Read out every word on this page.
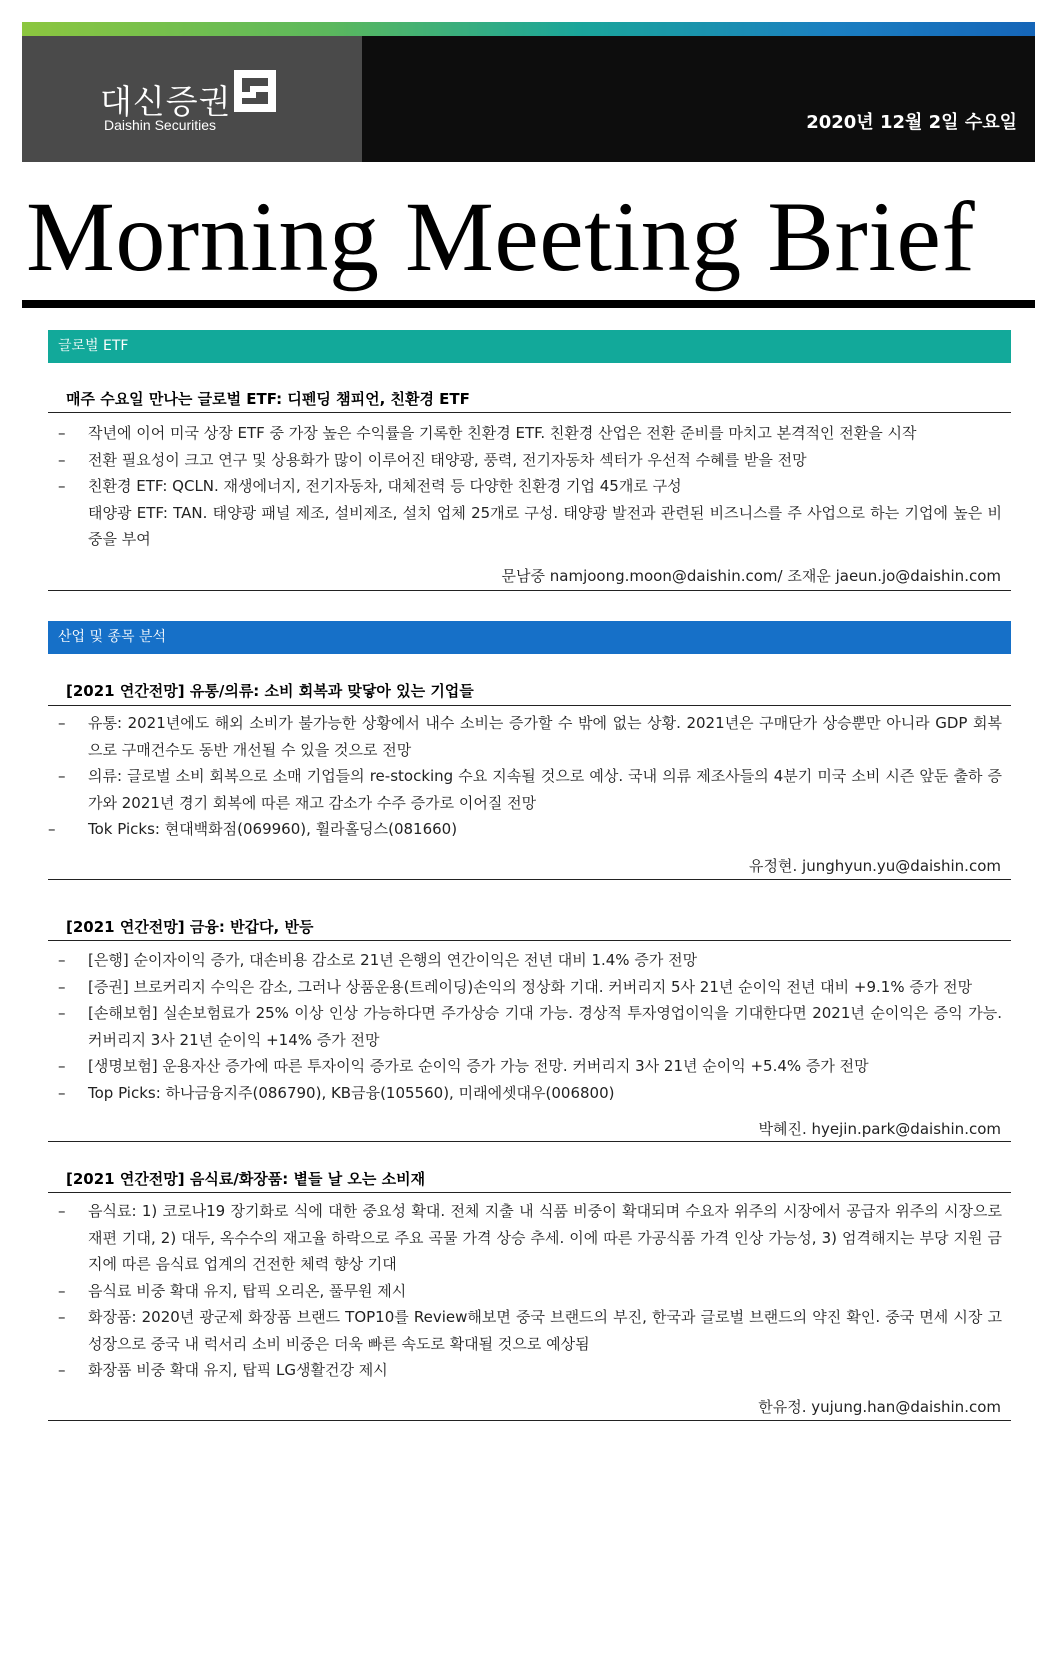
대신증권
Daishin Securities	2020년 12월 2일 수요일
Morning Meeting Brief
글로벌 ETF
매주 수요일 만나는 글로벌 ETF: 디펜딩 챔피언, 친환경 ETF
– 작년에 이어 미국 상장 ETF 중 가장 높은 수익률을 기록한 친환경 ETF. 친환경 산업은 전환 준비를 마치고 본격적인 전환을 시작
– 전환 필요성이 크고 연구 및 상용화가 많이 이루어진 태양광, 풍력, 전기자동차 섹터가 우선적 수혜를 받을 전망
– 친환경 ETF: QCLN. 재생에너지, 전기자동차, 대체전력 등 다양한 친환경 기업 45개로 구성
태양광 ETF: TAN. 태양광 패널 제조, 설비제조, 설치 업체 25개로 구성. 태양광 발전과 관련된 비즈니스를 주 사업으로 하는 기업에 높은 비중을 부여
문남중 namjoong.moon@daishin.com/ 조재운 jaeun.jo@daishin.com
산업 및 종목 분석
[2021 연간전망] 유통/의류: 소비 회복과 맞닿아 있는 기업들
– 유통: 2021년에도 해외 소비가 불가능한 상황에서 내수 소비는 증가할 수 밖에 없는 상황. 2021년은 구매단가 상승뿐만 아니라 GDP 회복으로 구매건수도 동반 개선될 수 있을 것으로 전망
– 의류: 글로벌 소비 회복으로 소매 기업들의 re-stocking 수요 지속될 것으로 예상. 국내 의류 제조사들의 4분기 미국 소비 시즌 앞둔 출하 증가와 2021년 경기 회복에 따른 재고 감소가 수주 증가로 이어질 전망
– Tok Picks: 현대백화점(069960), 휠라홀딩스(081660)
유정현. junghyun.yu@daishin.com
[2021 연간전망] 금융: 반갑다, 반등
– [은행] 순이자이익 증가, 대손비용 감소로 21년 은행의 연간이익은 전년 대비 1.4% 증가 전망
– [증권] 브로커리지 수익은 감소, 그러나 상품운용(트레이딩)손익의 정상화 기대. 커버리지 5사 21년 순이익 전년 대비 +9.1% 증가 전망
– [손해보험] 실손보험료가 25% 이상 인상 가능하다면 주가상승 기대 가능. 경상적 투자영업이익을 기대한다면 2021년 순이익은 증익 가능. 커버리지 3사 21년 순이익 +14% 증가 전망
– [생명보험] 운용자산 증가에 따른 투자이익 증가로 순이익 증가 가능 전망. 커버리지 3사 21년 순이익 +5.4% 증가 전망
– Top Picks: 하나금융지주(086790), KB금융(105560), 미래에셋대우(006800)
박혜진. hyejin.park@daishin.com
[2021 연간전망] 음식료/화장품: 볕들 날 오는 소비재
– 음식료: 1) 코로나19 장기화로 식에 대한 중요성 확대. 전체 지출 내 식품 비중이 확대되며 수요자 위주의 시장에서 공급자 위주의 시장으로 재편 기대, 2) 대두, 옥수수의 재고율 하락으로 주요 곡물 가격 상승 추세. 이에 따른 가공식품 가격 인상 가능성, 3) 엄격해지는 부당 지원 금지에 따른 음식료 업계의 건전한 체력 향상 기대
– 음식료 비중 확대 유지, 탑픽 오리온, 풀무원 제시
– 화장품: 2020년 광군제 화장품 브랜드 TOP10를 Review해보면 중국 브랜드의 부진, 한국과 글로벌 브랜드의 약진 확인. 중국 면세 시장 고성장으로 중국 내 럭서리 소비 비중은 더욱 빠른 속도로 확대될 것으로 예상됨
– 화장품 비중 확대 유지, 탑픽 LG생활건강 제시
한유정. yujung.han@daishin.com
